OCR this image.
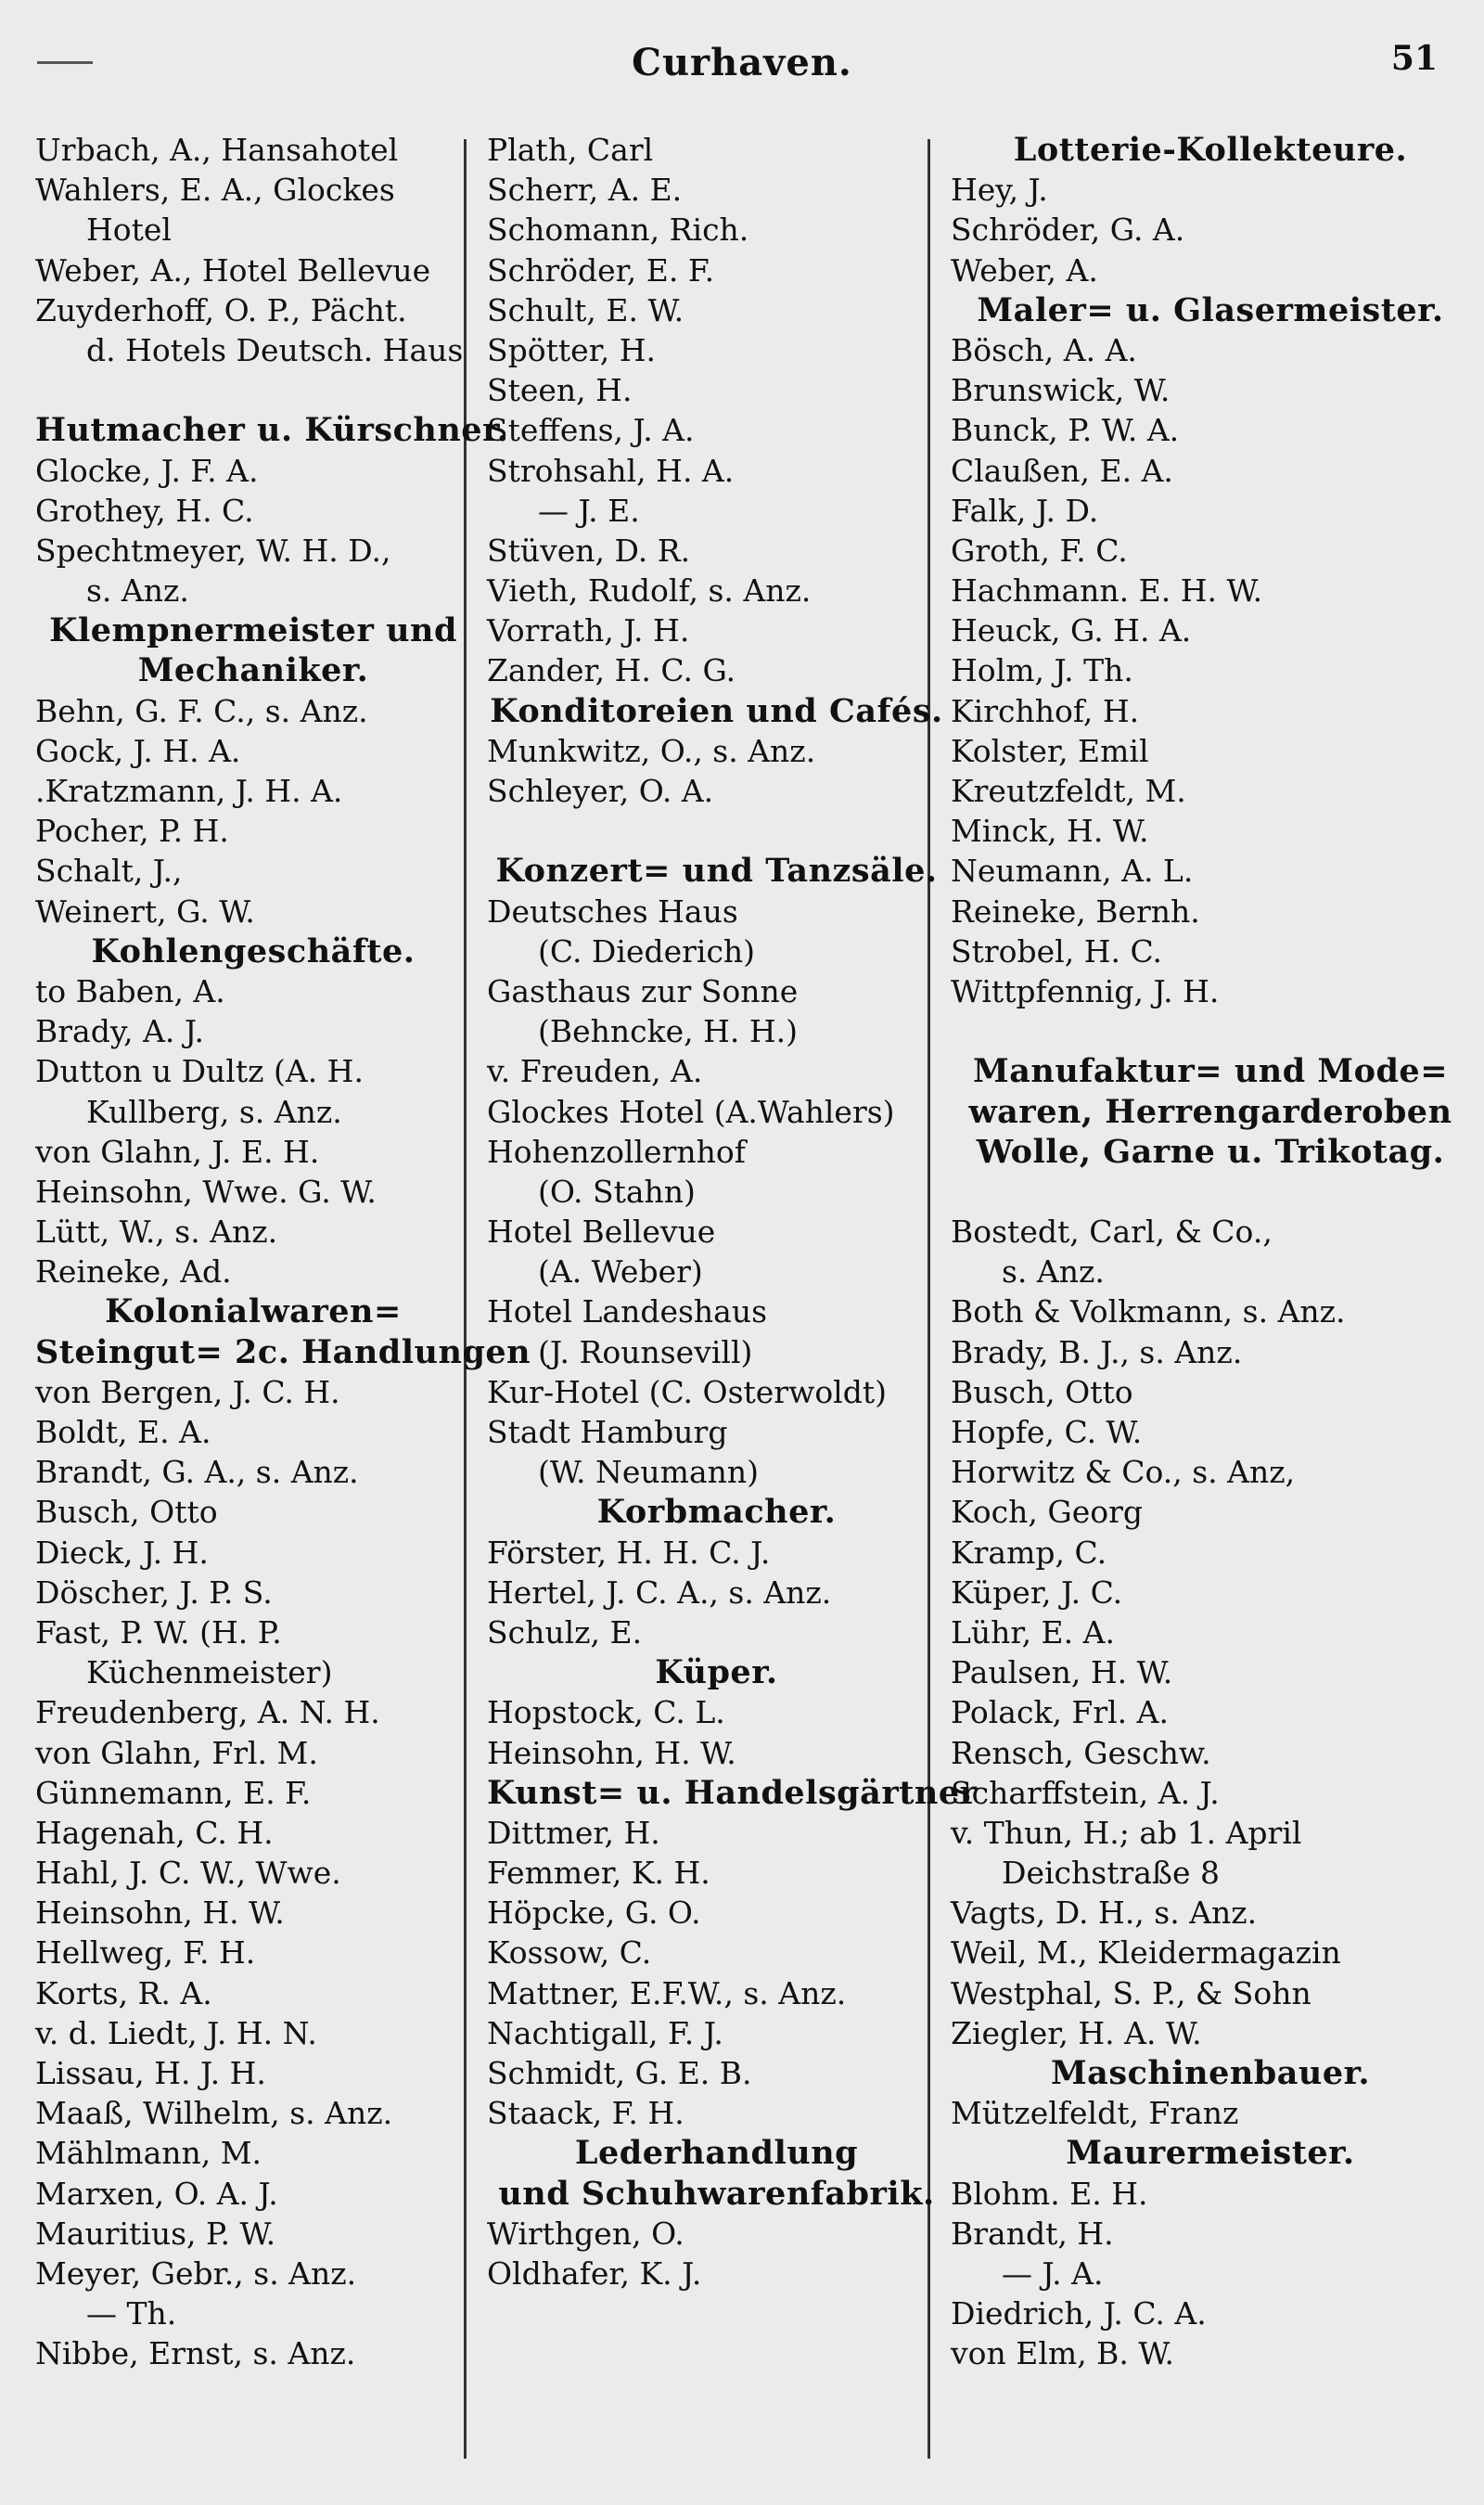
Curhaven.	51
Urbach, A., Hansahotel
Wahlers, E. A., Glockes
Hotel
Weber, A., Hotel Bellevue
Zuyderhoff, O. P., Pächt.
d. Hotels Deutsch. Haus
Hutmacher u. Kürschner.
Glocke, J. F. A.
Grothey, H. C.
Spechtmeyer, W. H. D.,
s. Anz.
Klempnermeister und
Mechaniker.
Behn, G. F. C., s. Anz.
Gock, J. H. A.
.Kratzmann, J. H. A.
Pocher, P. H.
Schalt, J.,
Weinert, G. W.
Kohlengeschäfte.
to Baben, A.
Brady, A. J.
Dutton u Dultz (A. H.
Kullberg, s. Anz.
von Glahn, J. E. H.
Heinsohn, Wwe. G. W.
Lütt, W., s. Anz.
Reineke, Ad.
Kolonialwaren=
Steingut= 2c. Handlungen
von Bergen, J. C. H.
Boldt, E. A.
Brandt, G. A., s. Anz.
Busch, Otto
Dieck, J. H.
Döscher, J. P. S.
Fast, P. W. (H. P.
Küchenmeister)
Freudenberg, A. N. H.
von Glahn, Frl. M.
Günnemann, E. F.
Hagenah, C. H.
Hahl, J. C. W., Wwe.
Heinsohn, H. W.
Hellweg, F. H.
Korts, R. A.
v. d. Liedt, J. H. N.
Lissau, H. J. H.
Maaß, Wilhelm, s. Anz.
Mählmann, M.
Marxen, O. A. J.
Mauritius, P. W.
Meyer, Gebr., s. Anz.
— Th.
Nibbe, Ernst, s. Anz.
Plath, Carl
Scherr, A. E.
Schomann, Rich.
Schröder, E. F.
Schult, E. W.
Spötter, H.
Steen, H.
Steffens, J. A.
Strohsahl, H. A.
— J. E.
Stüven, D. R.
Vieth, Rudolf, s. Anz.
Vorrath, J. H.
Zander, H. C. G.
Konditoreien und Cafés.
Munkwitz, O., s. Anz.
Schleyer, O. A.
Konzert= und Tanzsäle.
Deutsches Haus
(C. Diederich)
Gasthaus zur Sonne
(Behncke, H. H.)
v. Freuden, A.
Glockes Hotel (A.Wahlers)
Hohenzollernhof
(O. Stahn)
Hotel Bellevue
(A. Weber)
Hotel Landeshaus
(J. Rounsevill)
Kur-Hotel (C. Osterwoldt)
Stadt Hamburg
(W. Neumann)
Korbmacher.
Förster, H. H. C. J.
Hertel, J. C. A., s. Anz.
Schulz, E.
Küper.
Hopstock, C. L.
Heinsohn, H. W.
Kunst= u. Handelsgärtner
Dittmer, H.
Femmer, K. H.
Höpcke, G. O.
Kossow, C.
Mattner, E.F.W., s. Anz.
Nachtigall, F. J.
Schmidt, G. E. B.
Staack, F. H.
Lederhandlung
und Schuhwarenfabrik.
Wirthgen, O.
Oldhafer, K. J.
Lotterie-Kollekteure.
Hey, J.
Schröder, G. A.
Weber, A.
Maler= u. Glasermeister.
Bösch, A. A.
Brunswick, W.
Bunck, P. W. A.
Claußen, E. A.
Falk, J. D.
Groth, F. C.
Hachmann. E. H. W.
Heuck, G. H. A.
Holm, J. Th.
Kirchhof, H.
Kolster, Emil
Kreutzfeldt, M.
Minck, H. W.
Neumann, A. L.
Reineke, Bernh.
Strobel, H. C.
Wittpfennig, J. H.
Manufaktur= und Mode=
waren, Herrengarderoben
Wolle, Garne u. Trikotag.
Bostedt, Carl, & Co.,
s. Anz.
Both & Volkmann, s. Anz.
Brady, B. J., s. Anz.
Busch, Otto
Hopfe, C. W.
Horwitz & Co., s. Anz,
Koch, Georg
Kramp, C.
Küper, J. C.
Lühr, E. A.
Paulsen, H. W.
Polack, Frl. A.
Rensch, Geschw.
Scharffstein, A. J.
v. Thun, H.; ab 1. April
Deichstraße 8
Vagts, D. H., s. Anz.
Weil, M., Kleidermagazin
Westphal, S. P., & Sohn
Ziegler, H. A. W.
Maschinenbauer.
Mützelfeldt, Franz
Maurermeister.
Blohm. E. H.
Brandt, H.
— J. A.
Diedrich, J. C. A.
von Elm, B. W.
